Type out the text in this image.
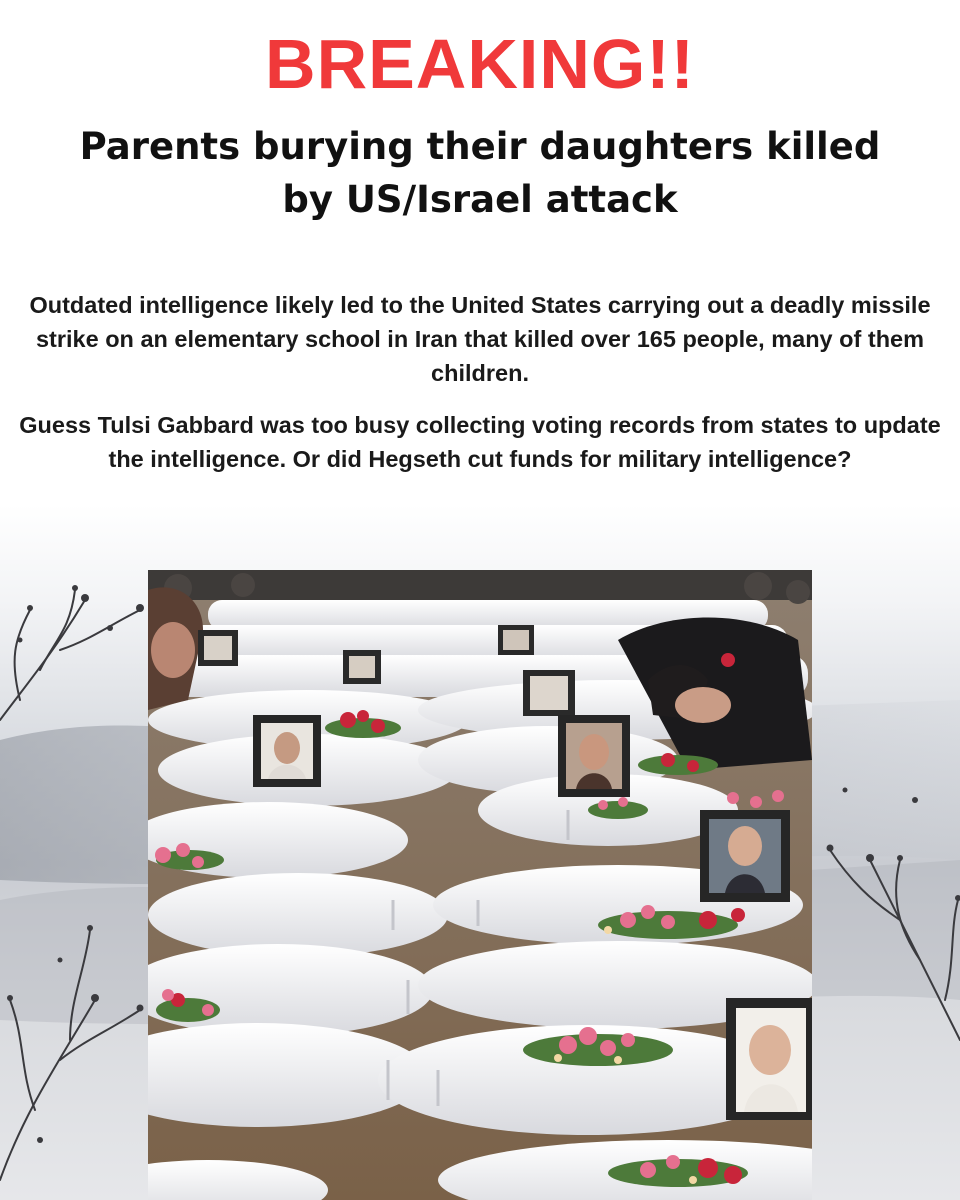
BREAKING!!
Parents burying their daughters killed by US/Israel attack

Outdated intelligence likely led to the United States carrying out a deadly missile strike on an elementary school in Iran that killed over 165 people, many of them children.

Guess Tulsi Gabbard was too busy collecting voting records from states to update the intelligence. Or did Hegseth cut funds for military intelligence?
